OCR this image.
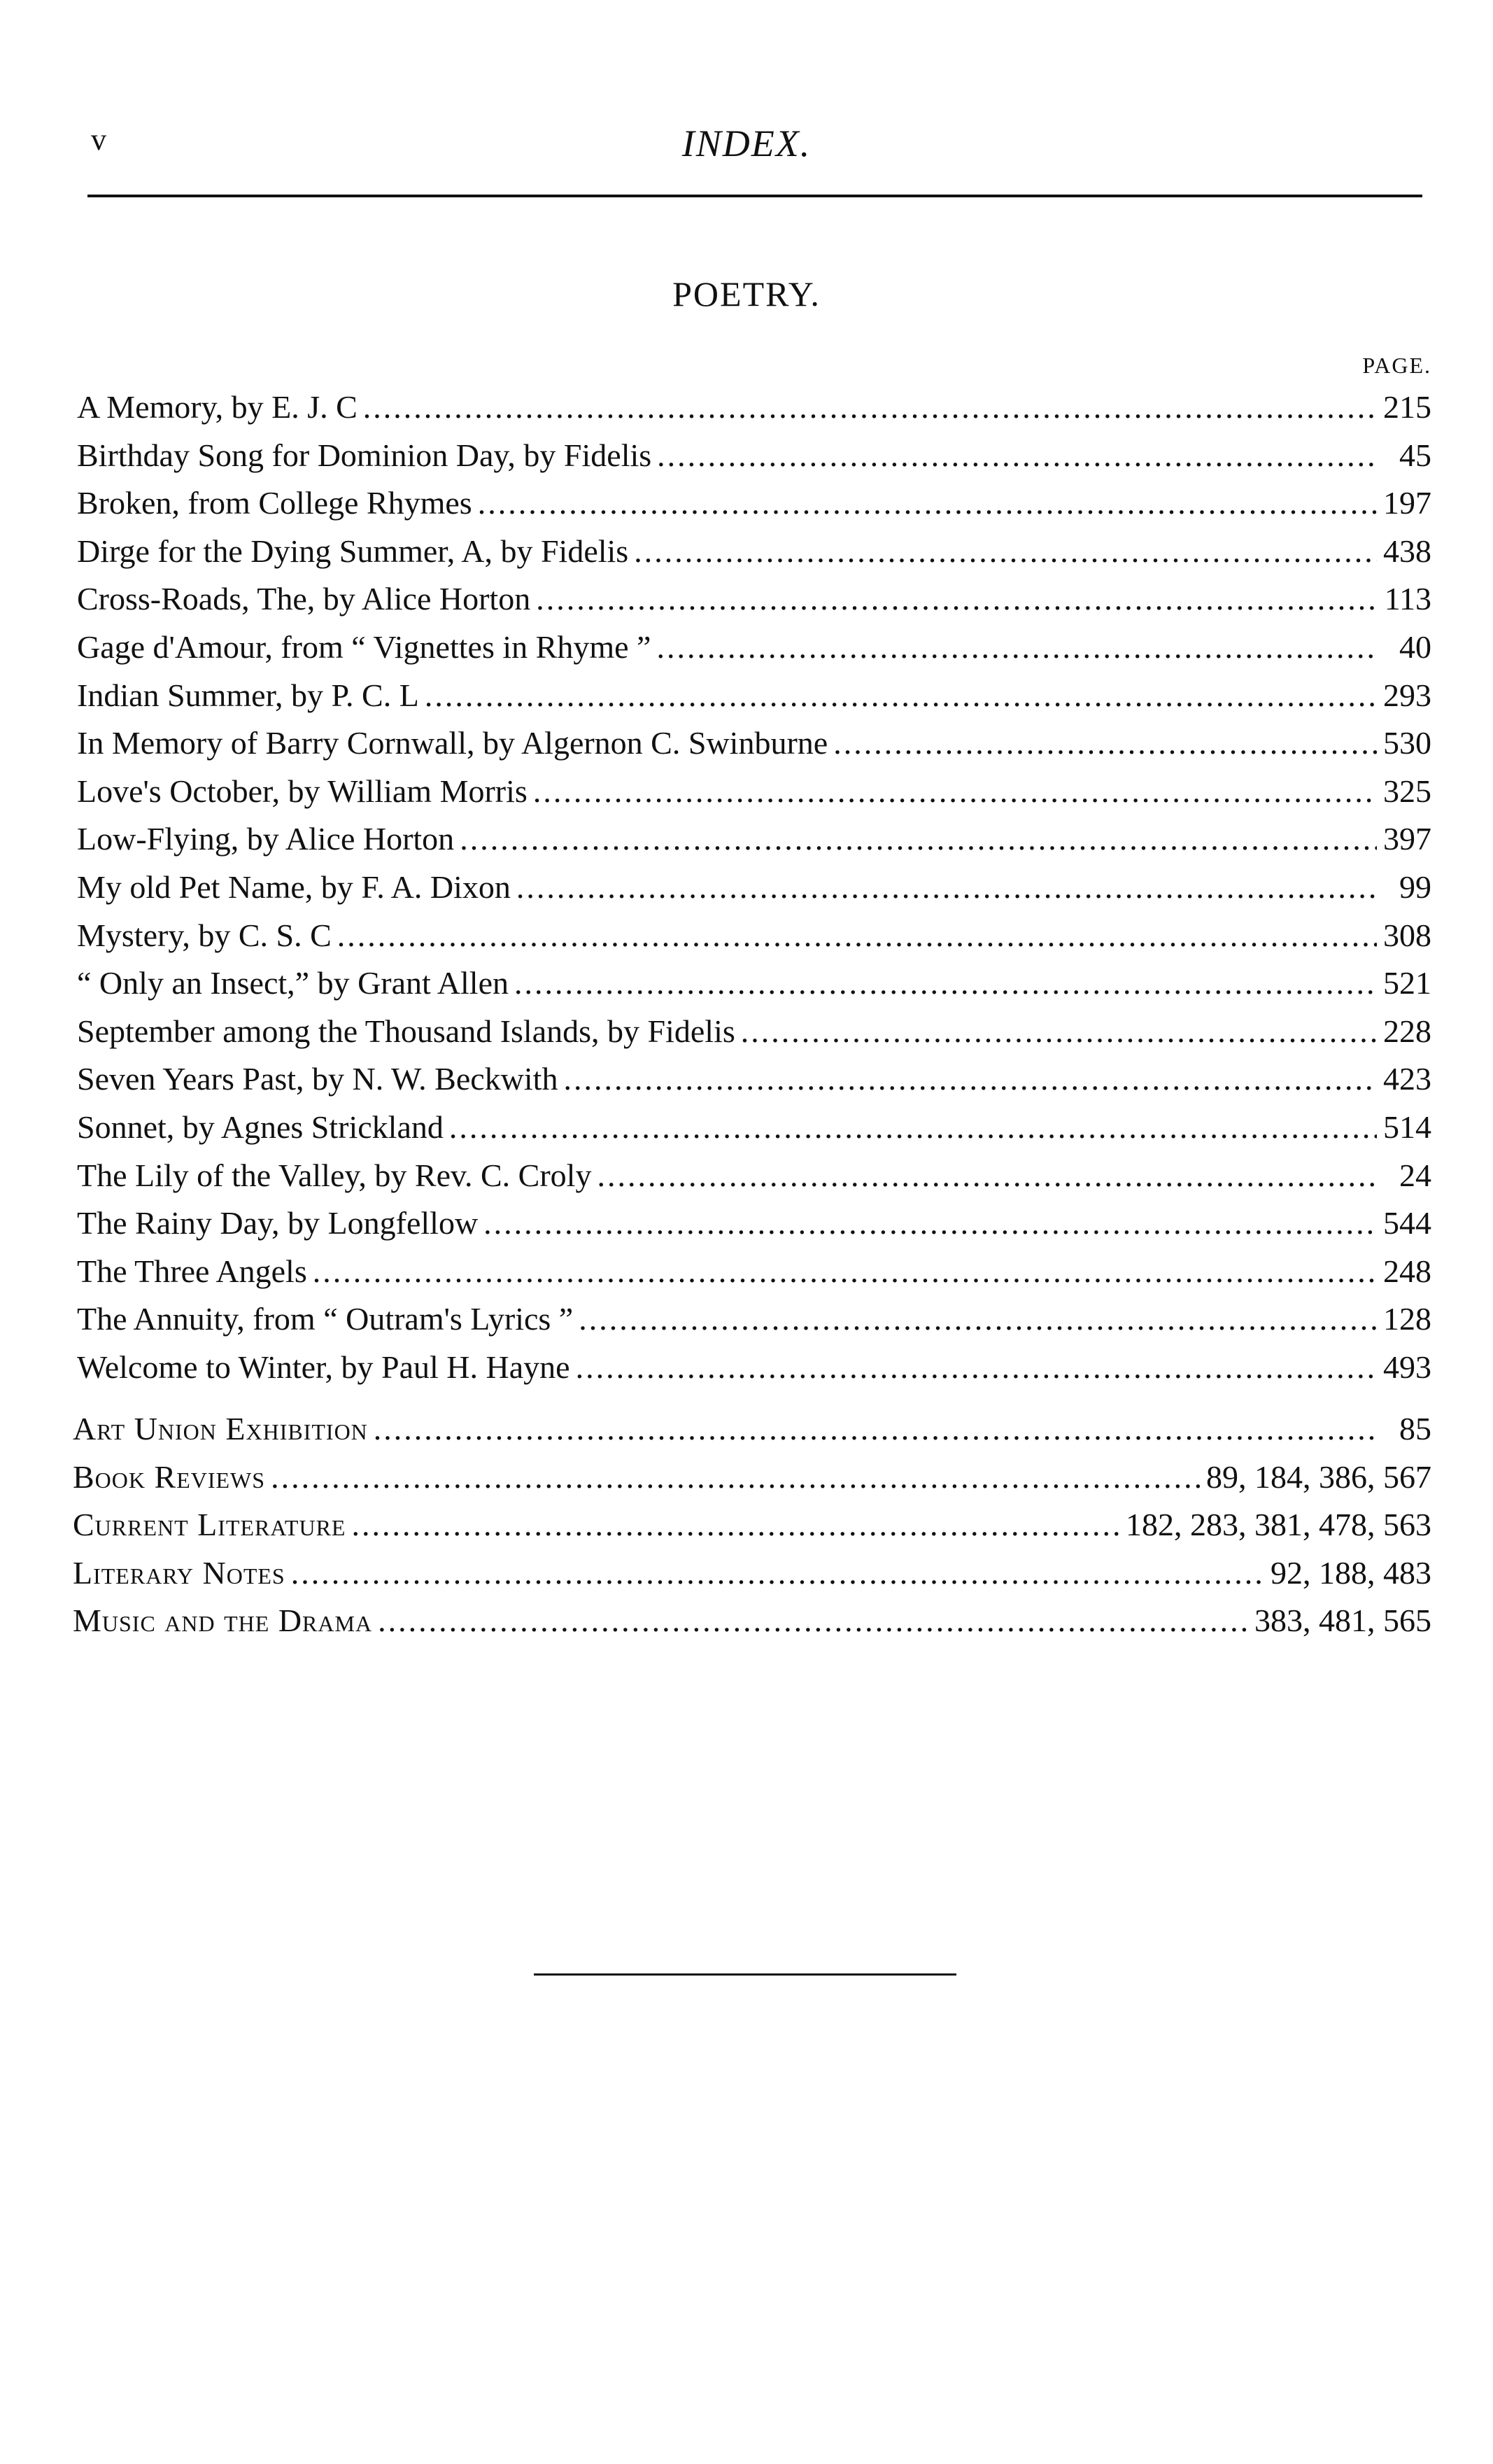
v	INDEX.
POETRY.
PAGE.
A Memory, by E. J. C .....	215
Birthday Song for Dominion Day, by Fidelis .....	45
Broken, from College Rhymes .....	197
Dirge for the Dying Summer, A, by Fidelis .....	438
Cross-Roads, The, by Alice Horton .....	113
Gage d'Amour, from “ Vignettes in Rhyme ” .....	40
Indian Summer, by P. C. L .....	293
In Memory of Barry Cornwall, by Algernon C. Swinburne .....	530
Love's October, by William Morris .....	325
Low-Flying, by Alice Horton .....	397
My old Pet Name, by F. A. Dixon .....	99
Mystery, by C. S. C .....	308
“ Only an Insect,” by Grant Allen .....	521
September among the Thousand Islands, by Fidelis .....	228
Seven Years Past, by N. W. Beckwith .....	423
Sonnet, by Agnes Strickland .....	514
The Lily of the Valley, by Rev. C. Croly .....	24
The Rainy Day, by Longfellow .....	544
The Three Angels .....	248
The Annuity, from “ Outram's Lyrics ” .....	128
Welcome to Winter, by Paul H. Hayne .....	493
Art Union Exhibition .....	85
Book Reviews .....	89, 184, 386, 567
Current Literature .....	182, 283, 381, 478, 563
Literary Notes .....	92, 188, 483
Music and the Drama .....	383, 481, 565
